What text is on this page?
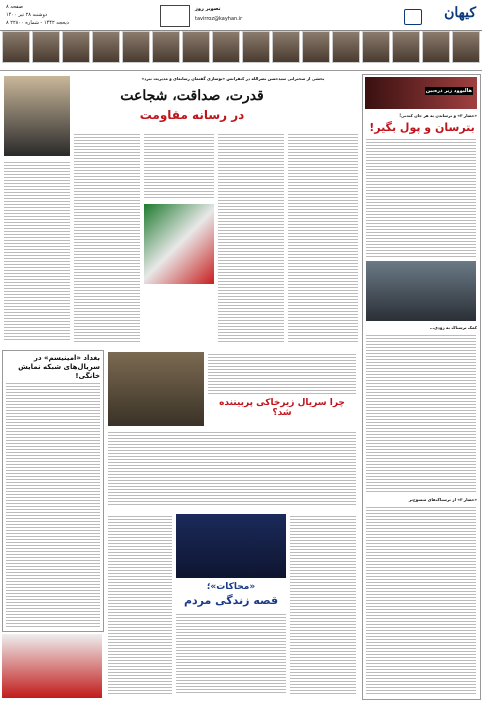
کیهان
صفحه ۸
دوشنبه ۲۸ تیر ۱۴۰۰
۸ ذیحجه ۱۴۴۲ - شماره ۲۲۸۰۰
tavirroz@kayhan.ir
تصویر روز
هالیوود زیر ذره‌بین
«حضار ۳» و ترساندن به هر جان کندنی!
بترسان و پول بگیر!
کمک ترسناک به زودی...
«حضار ۳» از ترسناک‌های منسوخ‌تر
بخشی از سخنرانی سیدحسن نصرالله در کنفرانس «توسازی گفتمان رسانه‌ای و مدیریت نبرد»
قدرت، صداقت، شجاعت
در رسانه مقاومت
بغداد «امینیسم» در سریال‌های شبکه نمایش خانگی!
چرا سریال زیرخاکی پربیننده شد؟
«محاکات»؛
قصه زندگی مردم
